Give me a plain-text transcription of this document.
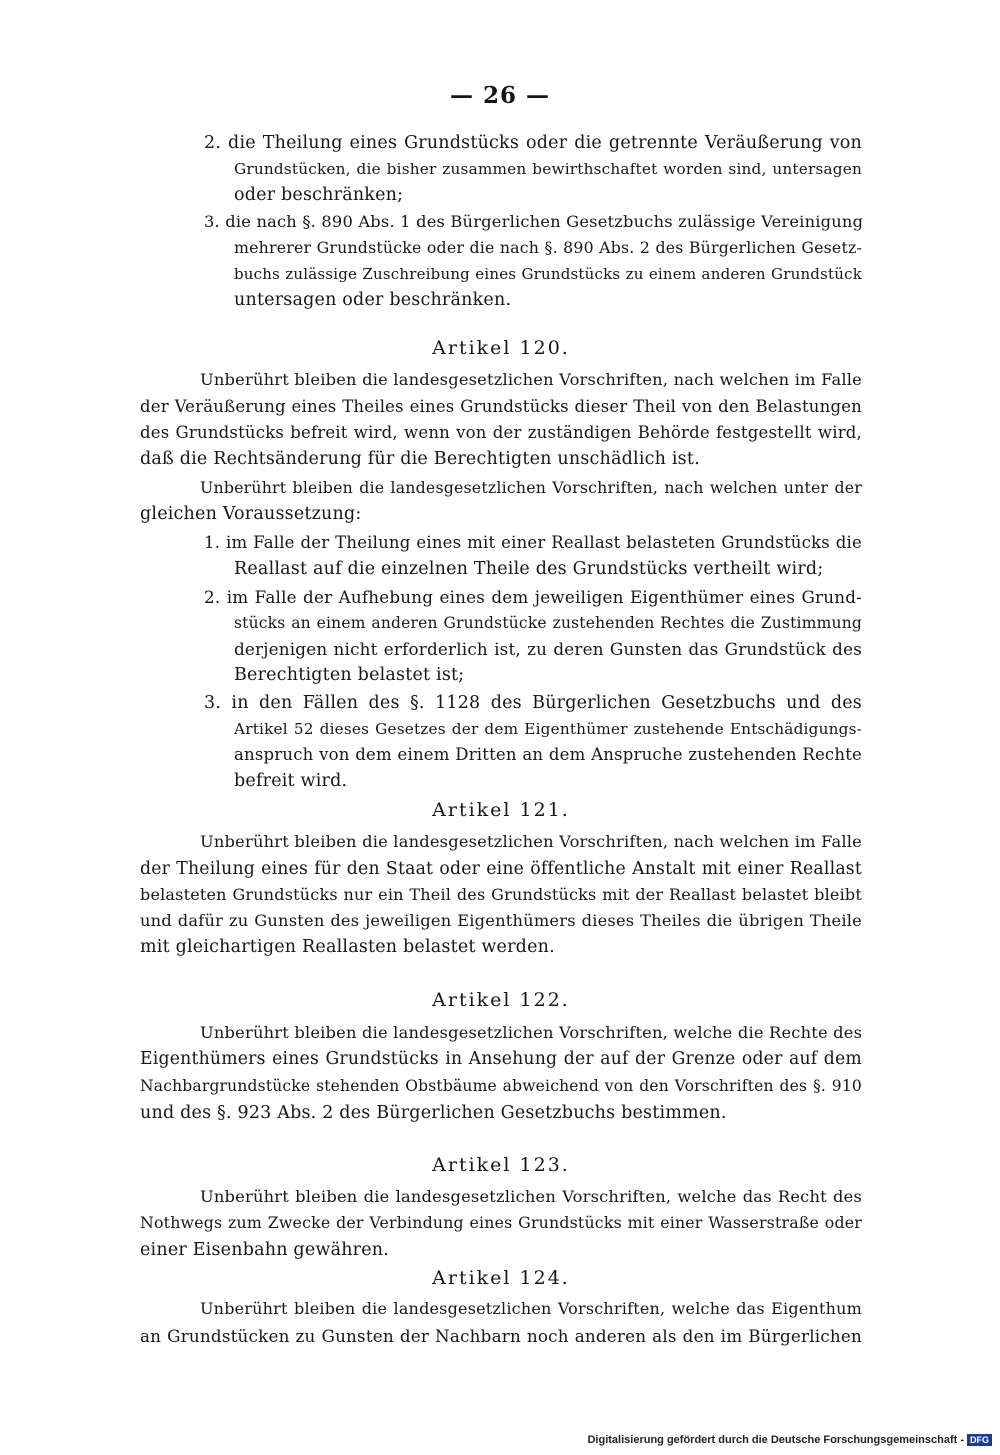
— 26 —
2. die Theilung eines Grundstücks oder die getrennte Veräußerung von
Grundstücken, die bisher zusammen bewirthschaftet worden sind, untersagen
oder beschränken;
3. die nach §. 890 Abs. 1 des Bürgerlichen Gesetzbuchs zulässige Vereinigung
mehrerer Grundstücke oder die nach §. 890 Abs. 2 des Bürgerlichen Gesetz-
buchs zulässige Zuschreibung eines Grundstücks zu einem anderen Grundstück
untersagen oder beschränken.
Artikel 120.
Unberührt bleiben die landesgesetzlichen Vorschriften, nach welchen im Falle
der Veräußerung eines Theiles eines Grundstücks dieser Theil von den Belastungen
des Grundstücks befreit wird, wenn von der zuständigen Behörde festgestellt wird,
daß die Rechtsänderung für die Berechtigten unschädlich ist.
Unberührt bleiben die landesgesetzlichen Vorschriften, nach welchen unter der
gleichen Voraussetzung:
1. im Falle der Theilung eines mit einer Reallast belasteten Grundstücks die
Reallast auf die einzelnen Theile des Grundstücks vertheilt wird;
2. im Falle der Aufhebung eines dem jeweiligen Eigenthümer eines Grund-
stücks an einem anderen Grundstücke zustehenden Rechtes die Zustimmung
derjenigen nicht erforderlich ist, zu deren Gunsten das Grundstück des
Berechtigten belastet ist;
3. in den Fällen des §. 1128 des Bürgerlichen Gesetzbuchs und des
Artikel 52 dieses Gesetzes der dem Eigenthümer zustehende Entschädigungs-
anspruch von dem einem Dritten an dem Anspruche zustehenden Rechte
befreit wird.
Artikel 121.
Unberührt bleiben die landesgesetzlichen Vorschriften, nach welchen im Falle
der Theilung eines für den Staat oder eine öffentliche Anstalt mit einer Reallast
belasteten Grundstücks nur ein Theil des Grundstücks mit der Reallast belastet bleibt
und dafür zu Gunsten des jeweiligen Eigenthümers dieses Theiles die übrigen Theile
mit gleichartigen Reallasten belastet werden.
Artikel 122.
Unberührt bleiben die landesgesetzlichen Vorschriften, welche die Rechte des
Eigenthümers eines Grundstücks in Ansehung der auf der Grenze oder auf dem
Nachbargrundstücke stehenden Obstbäume abweichend von den Vorschriften des §. 910
und des §. 923 Abs. 2 des Bürgerlichen Gesetzbuchs bestimmen.
Artikel 123.
Unberührt bleiben die landesgesetzlichen Vorschriften, welche das Recht des
Nothwegs zum Zwecke der Verbindung eines Grundstücks mit einer Wasserstraße oder
einer Eisenbahn gewähren.
Artikel 124.
Unberührt bleiben die landesgesetzlichen Vorschriften, welche das Eigenthum
an Grundstücken zu Gunsten der Nachbarn noch anderen als den im Bürgerlichen
Digitalisierung gefördert durch die Deutsche Forschungsgemeinschaft - DFG
